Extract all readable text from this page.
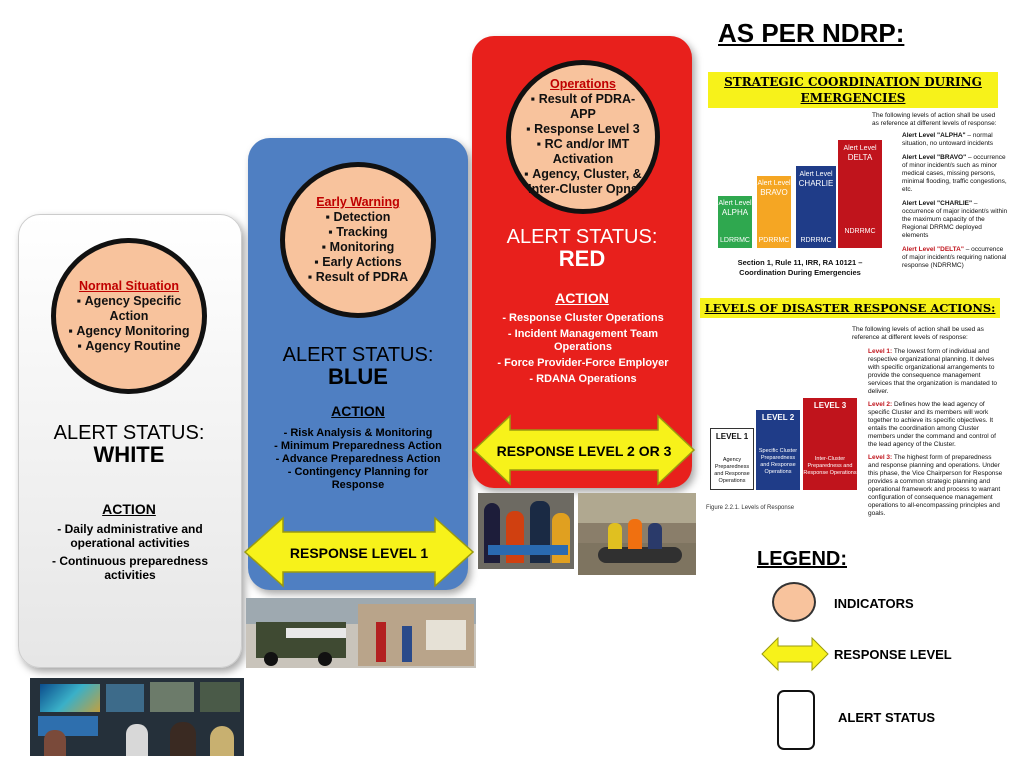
Normal Situation
▪ Agency Specific Action
▪ Agency Monitoring
▪ Agency Routine
ALERT STATUS:
WHITE
ACTION
- Daily administrative and operational activities
- Continuous preparedness activities
Early Warning
▪ Detection
▪ Tracking
▪ Monitoring
▪ Early Actions
▪ Result of PDRA
ALERT STATUS:
BLUE
ACTION
- Risk Analysis & Monitoring
- Minimum Preparedness Action
- Advance Preparedness Action
- Contingency Planning for Response
RESPONSE LEVEL 1
Operations
▪ Result of PDRA-APP
▪ Response Level 3
▪ RC and/or IMT Activation
▪ Agency, Cluster, & Inter-Cluster Opns
ALERT STATUS:
RED
ACTION
- Response Cluster Operations
- Incident Management Team Operations
- Force Provider-Force Employer
- RDANA Operations
RESPONSE LEVEL 2 OR 3
AS PER NDRP:
STRATEGIC COORDINATION DURING EMERGENCIES
The following levels of action shall be used as reference at different levels of response:
Alert Level
ALPHA
LDRRMC
Alert Level
BRAVO
PDRRMC
Alert Level
CHARLIE
RDRRMC
Alert Level
DELTA
NDRRMC
Alert Level "ALPHA" – normal situation, no untoward incidents
Alert Level "BRAVO" – occurrence of minor incident/s such as minor medical cases, missing persons, minimal flooding, traffic congestions, etc.
Alert Level "CHARLIE" – occurrence of major incident/s within the maximum capacity of the Regional DRRMC deployed elements
Alert Level "DELTA" – occurrence of major incident/s requiring national response (NDRRMC)
Section 1, Rule 11, IRR, RA 10121 – Coordination During Emergencies
LEVELS OF DISASTER RESPONSE ACTIONS:
The following levels of action shall be used as reference at different levels of response:
LEVEL 1
Agency Preparedness and Response Operations
LEVEL 2
Specific Cluster Preparedness and Response Operations
LEVEL 3
Inter-Cluster Preparedness and Response Operations
Level 1: The lowest form of individual and respective organizational planning. It delves with specific organizational arrangements to provide the consequence management services that the organization is mandated to deliver.
Level 2: Defines how the lead agency of specific Cluster and its members will work together to achieve its specific objectives. It entails the coordination among Cluster members under the command and control of the lead agency of the Cluster.
Level 3: The highest form of preparedness and response planning and operations. Under this phase, the Vice Chairperson for Response provides a common strategic planning and operational framework and process to warrant configuration of consequence management operations to all-encompassing principles and goals.
Figure 2.2.1. Levels of Response
LEGEND:
INDICATORS
RESPONSE LEVEL
ALERT STATUS
